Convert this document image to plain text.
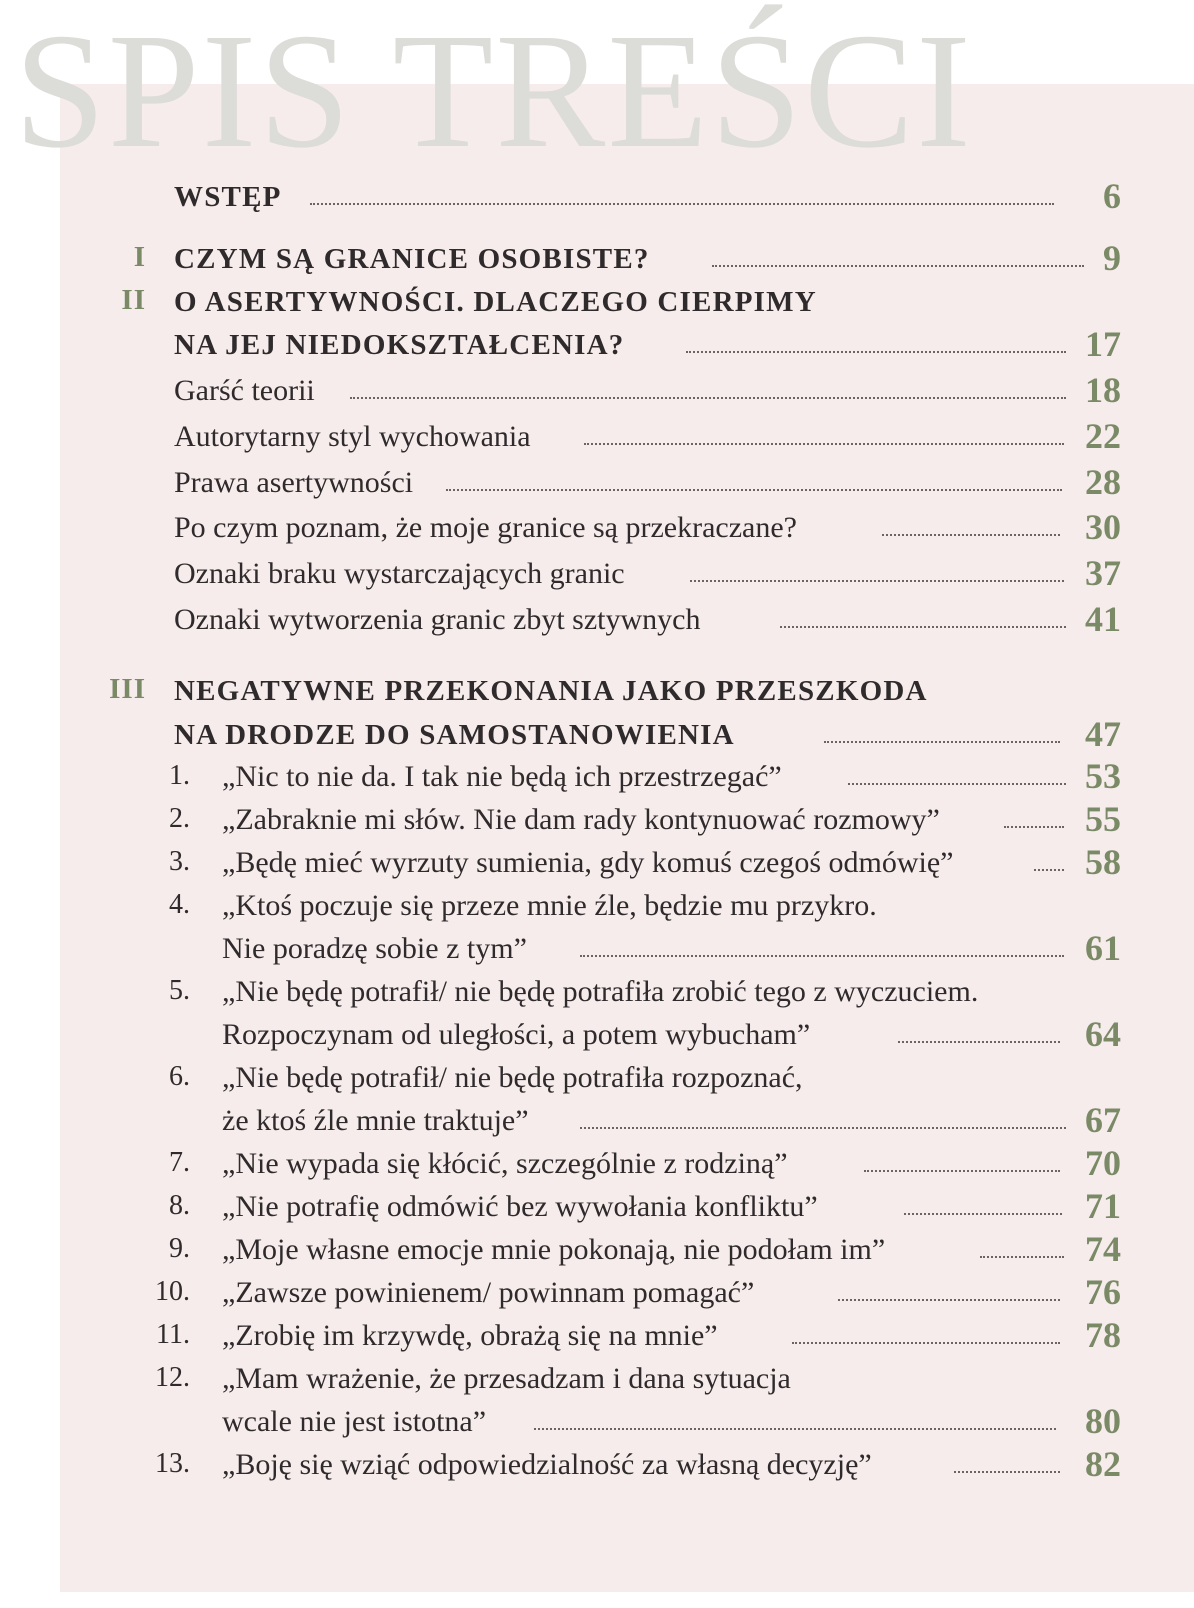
SPIS TREŚCI
WSTĘP	6
I CZYM SĄ GRANICE OSOBISTE?	9
II O ASERTYWNOŚCI. DLACZEGO CIERPIMY
NA JEJ NIEDOKSZTAŁCENIA?	17
Garść teorii	18
Autorytarny styl wychowania	22
Prawa asertywności	28
Po czym poznam, że moje granice są przekraczane?	30
Oznaki braku wystarczających granic	37
Oznaki wytworzenia granic zbyt sztywnych	41
III NEGATYWNE PRZEKONANIA JAKO PRZESZKODA
NA DRODZE DO SAMOSTANOWIENIA	47
1. „Nic to nie da. I tak nie będą ich przestrzegać”	53
2. „Zabraknie mi słów. Nie dam rady kontynuować rozmowy”	55
3. „Będę mieć wyrzuty sumienia, gdy komuś czegoś odmówię”	58
4. „Ktoś poczuje się przeze mnie źle, będzie mu przykro.
Nie poradzę sobie z tym”	61
5. „Nie będę potrafił/ nie będę potrafiła zrobić tego z wyczuciem.
Rozpoczynam od uległości, a potem wybucham”	64
6. „Nie będę potrafił/ nie będę potrafiła rozpoznać,
że ktoś źle mnie traktuje”	67
7. „Nie wypada się kłócić, szczególnie z rodziną”	70
8. „Nie potrafię odmówić bez wywołania konfliktu”	71
9. „Moje własne emocje mnie pokonają, nie podołam im”	74
10. „Zawsze powinienem/ powinnam pomagać”	76
11. „Zrobię im krzywdę, obrażą się na mnie”	78
12. „Mam wrażenie, że przesadzam i dana sytuacja
wcale nie jest istotna”	80
13. „Boję się wziąć odpowiedzialność za własną decyzję”	82
